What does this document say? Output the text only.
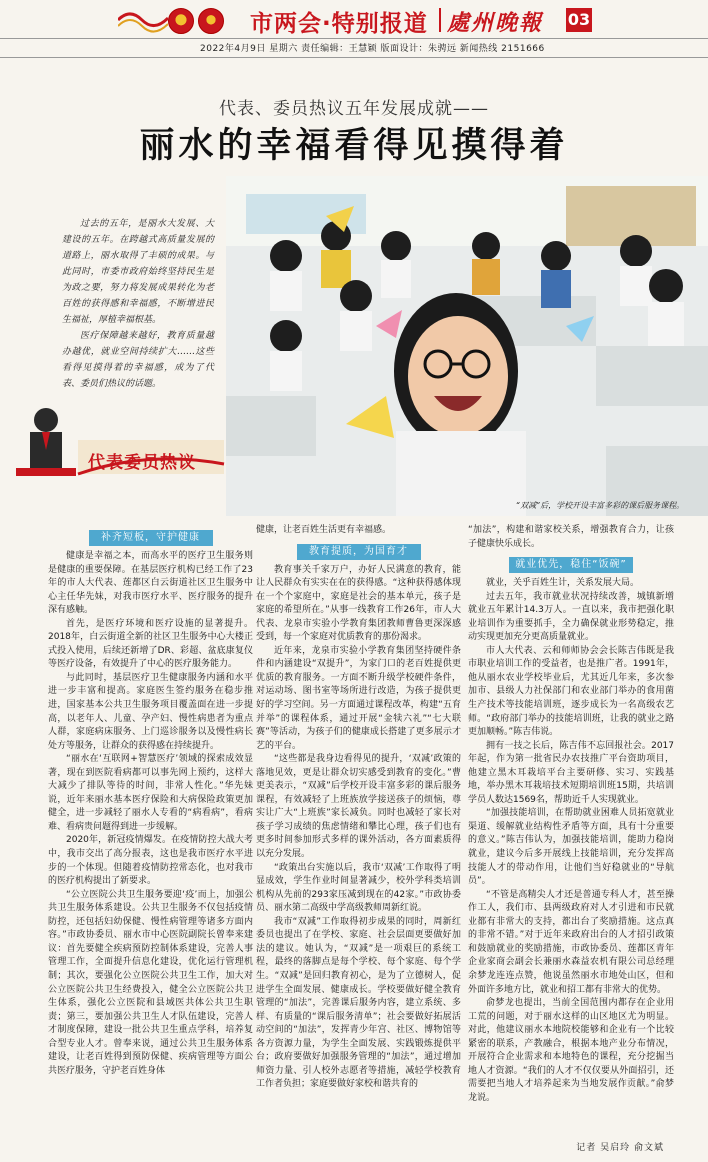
市两会·特别报道 處州晚報 03
2022年4月9日 星期六 责任编辑：王慧颖 版面设计：朱骋远 新闻热线 2151666
代表、委员热议五年发展成就——
丽水的幸福看得见摸得着

过去的五年，是丽水大发展、大建设的五年。在跨越式高质量发展的道路上，丽水取得了丰硕的成果。与此同时，市委市政府始终坚持民生是为政之要，努力将发展成果转化为老百姓的获得感和幸福感，不断增进民生福祉，厚植幸福根基。

医疗保障越来越好，教育质量越办越优，就业空间持续扩大……这些看得见摸得着的幸福感，成为了代表、委员们热议的话题。

“双减”后，学校开设丰富多彩的课后服务课程。
代表委员热议
补齐短板，守护健康

健康是幸福之本，而高水平的医疗卫生服务则是健康的重要保障。在基层医疗机构已经工作了23年的市人大代表、莲都区白云街道社区卫生服务中心主任华先妹，对我市医疗水平、医疗服务的提升深有感触。

首先，是医疗环境和医疗设施的显著提升。2018年，白云街道全新的社区卫生服务中心大楼正式投入使用，后续还新增了DR、彩超、盆底康复仪等医疗设备，有效提升了中心的医疗服务能力。

与此同时，基层医疗卫生健康服务内涵和水平进一步丰富和提高。家庭医生签约服务在稳步推进，国家基本公共卫生服务项目覆盖面在进一步提高，以老年人、儿童、孕产妇、慢性病患者为重点人群，家庭病床服务、上门巡诊服务以及慢性病长处方等服务，让群众的获得感在持续提升。

“丽水在‘互联网+智慧医疗’领域的探索成效显著，现在到医院看病都可以事先网上预约，这样大大减少了排队等待的时间，非常人性化。”华先妹说，近年来丽水基本医疗保险和大病保险政策更加健全，进一步减轻了丽水人专看的“病看病”，看病难、看病贵问题得到进一步缓解。

2020年，新冠疫情爆发。在疫情防控大战大考中，我市交出了高分报表，这也是我市医疗水平进步的一个体现。但随着疫情防控常态化，也对我市的医疗机构提出了新要求。

“公立医院公共卫生服务要迎‘疫’而上，加强公共卫生服务体系建设。公共卫生服务不仅包括疫情防控，还包括妇幼保健、慢性病管理等诸多方面内容。”市政协委员、丽水市中心医院副院长曾奉来建议：首先要健全疾病预防控制体系建设，完善人事管理工作，全面提升信息化建设，优化运行管理机制；其次，要强化公立医院公共卫生工作，加大对公立医院公共卫生经费投入，健全公立医院公共卫生体系，强化公立医院和县域医共体公共卫生职责；第三，要加强公共卫生人才队伍建设，完善人才制度保障，建设一批公共卫生重点学科，培养复合型专业人才。曾奉来说，通过公共卫生服务体系建设，让老百姓得到预防保健、疾病管理等方面公共医疗服务，守护老百姓身体

健康，让老百姓生活更有幸福感。

教育提质，为国育才

教育事关千家万户，办好人民满意的教育，能让人民群众有实实在在的获得感。“这种获得感体现在一个个家庭中，家庭是社会的基本单元，孩子是家庭的希望所在。”从事一线教育工作26年，市人大代表、龙泉市实验小学教育集团教师曹鲁更深深感受到，每一个家庭对优质教育的那份渴求。

近年来，龙泉市实验小学教育集团坚持硬件条件和内涵建设“双提升”，为家门口的老百姓提供更优质的教育服务。一方面不断升级学校硬件条件，对运动场、图书室等场所进行改造，为孩子提供更好的学习空间。另一方面通过课程改革，构建“五育并举”的课程体系，通过开展“金犊六礼”“七大联赛”等活动，为孩子们的健康成长搭建了更多展示才艺的平台。

“这些都是我身边看得见的提升，‘双减’政策的落地见效，更是让群众切实感受到教育的变化。”曹更美表示，“双减”后学校开设丰富多彩的课后服务课程，有效减轻了上班族放学接送孩子的烦恼，尊实让广大“上班族”家长减负。同时也减轻了家长对孩子学习成绩的焦虑情绪和攀比心理，孩子们也有更多时间参加形式多样的课外活动，各方面素质得以充分发展。

“政策出台实施以后，我市‘双减’工作取得了明显成效，学生作业时间显著减少，校外学科类培训机构从先前的293家压减到现在的42家。”市政协委员、丽水第二高级中学高级教师周新红说。

我市“双减”工作取得初步成果的同时，周新红委员也提出了在学校、家庭、社会层面更要做好加法的建议。她认为，“双减”是一项艰巨的系统工程，最终的落脚点是每个学校、每个家庭、每个学生。“双减”是回归教育初心，是为了立德树人，促进学生全面发展、健康成长。学校要做好健全教育管理的“加法”，完善课后服务内容，建立系统、多样、有质量的“课后服务清单”；社会要做好拓展活动空间的“加法”，发挥青少年宫、社区、博物馆等各方资源力量，为学生全面发展、实践锻炼提供平台；政府要做好加强服务管理的“加法”，通过增加师资力量、引人校外志愿者等措施，减轻学校教育工作者负担；家庭要做好家校和谐共育的

“加法”，构建和谐家校关系，增强教育合力，让孩子健康快乐成长。

就业优先，稳住“饭碗”

就业，关乎百姓生计，关系发展大局。

过去五年，我市就业状况持续改善，城镇新增就业五年累计14.3万人。一直以来，我市把强化职业培训作为重要抓手，全力确保就业形势稳定，推动实现更加充分更高质量就业。

市人大代表、云和师师协会会长陈吉伟既是我市职业培训工作的受益者，也是推广者。1991年，他从丽水农业学校毕业后，尤其近几年来，多次参加市、县级人力社保部门和农业部门举办的食用菌生产技术等技能培训班，逐步成长为一名高级农艺师。“政府部门举办的技能培训班，让我的就业之路更加顺畅。”陈吉伟说。

拥有一技之长后，陈吉伟不忘回报社会。2017年起，作为第一批省民办农技推广平台资助项目，他建立黑木耳栽培平台主要研修、实习、实践基地，举办黑木耳栽培技术短期培训班15期，共培训学员人数达1569名，帮助近千人实现就业。

“加强技能培训，在帮助就业困难人员拓宽就业渠道、缓解就业结构性矛盾等方面，具有十分重要的意义。”陈吉伟认为，加强技能培训，能助力稳岗就业，建议今后多开展线上技能培训，充分发挥高技能人才的带动作用，让他们当好稳就业的“导航员”。

“不管是高精尖人才还是普通专科人才，甚至操作工人，我们市、县两级政府对人才引进和市民就业都有非常大的支持，都出台了奖励措施。这点真的非常不错。”对于近年来政府出台的人才招引政策和鼓励就业的奖励措施，市政协委员、莲都区青年企业家商会副会长兼丽水森益农机有限公司总经理余梦龙连连点赞，他说虽然丽水市地处山区，但和外面许多地方比，就业和招工都有非常大的优势。

俞梦龙也提出，当前全国范围内都存在企业用工荒的问题，对于丽水这样的山区地区尤为明显。对此，他建议丽水本地院校能够和企业有一个比较紧密的联系，产教融合，根据本地产业分布情况，开展符合企业需求和本地特色的课程，充分挖掘当地人才资源。“我们的人才不仅仅要从外面招引，还需要把当地人才培养起来为当地发展作贡献。”俞梦龙说。

记者 吴启玲 俞文斌
